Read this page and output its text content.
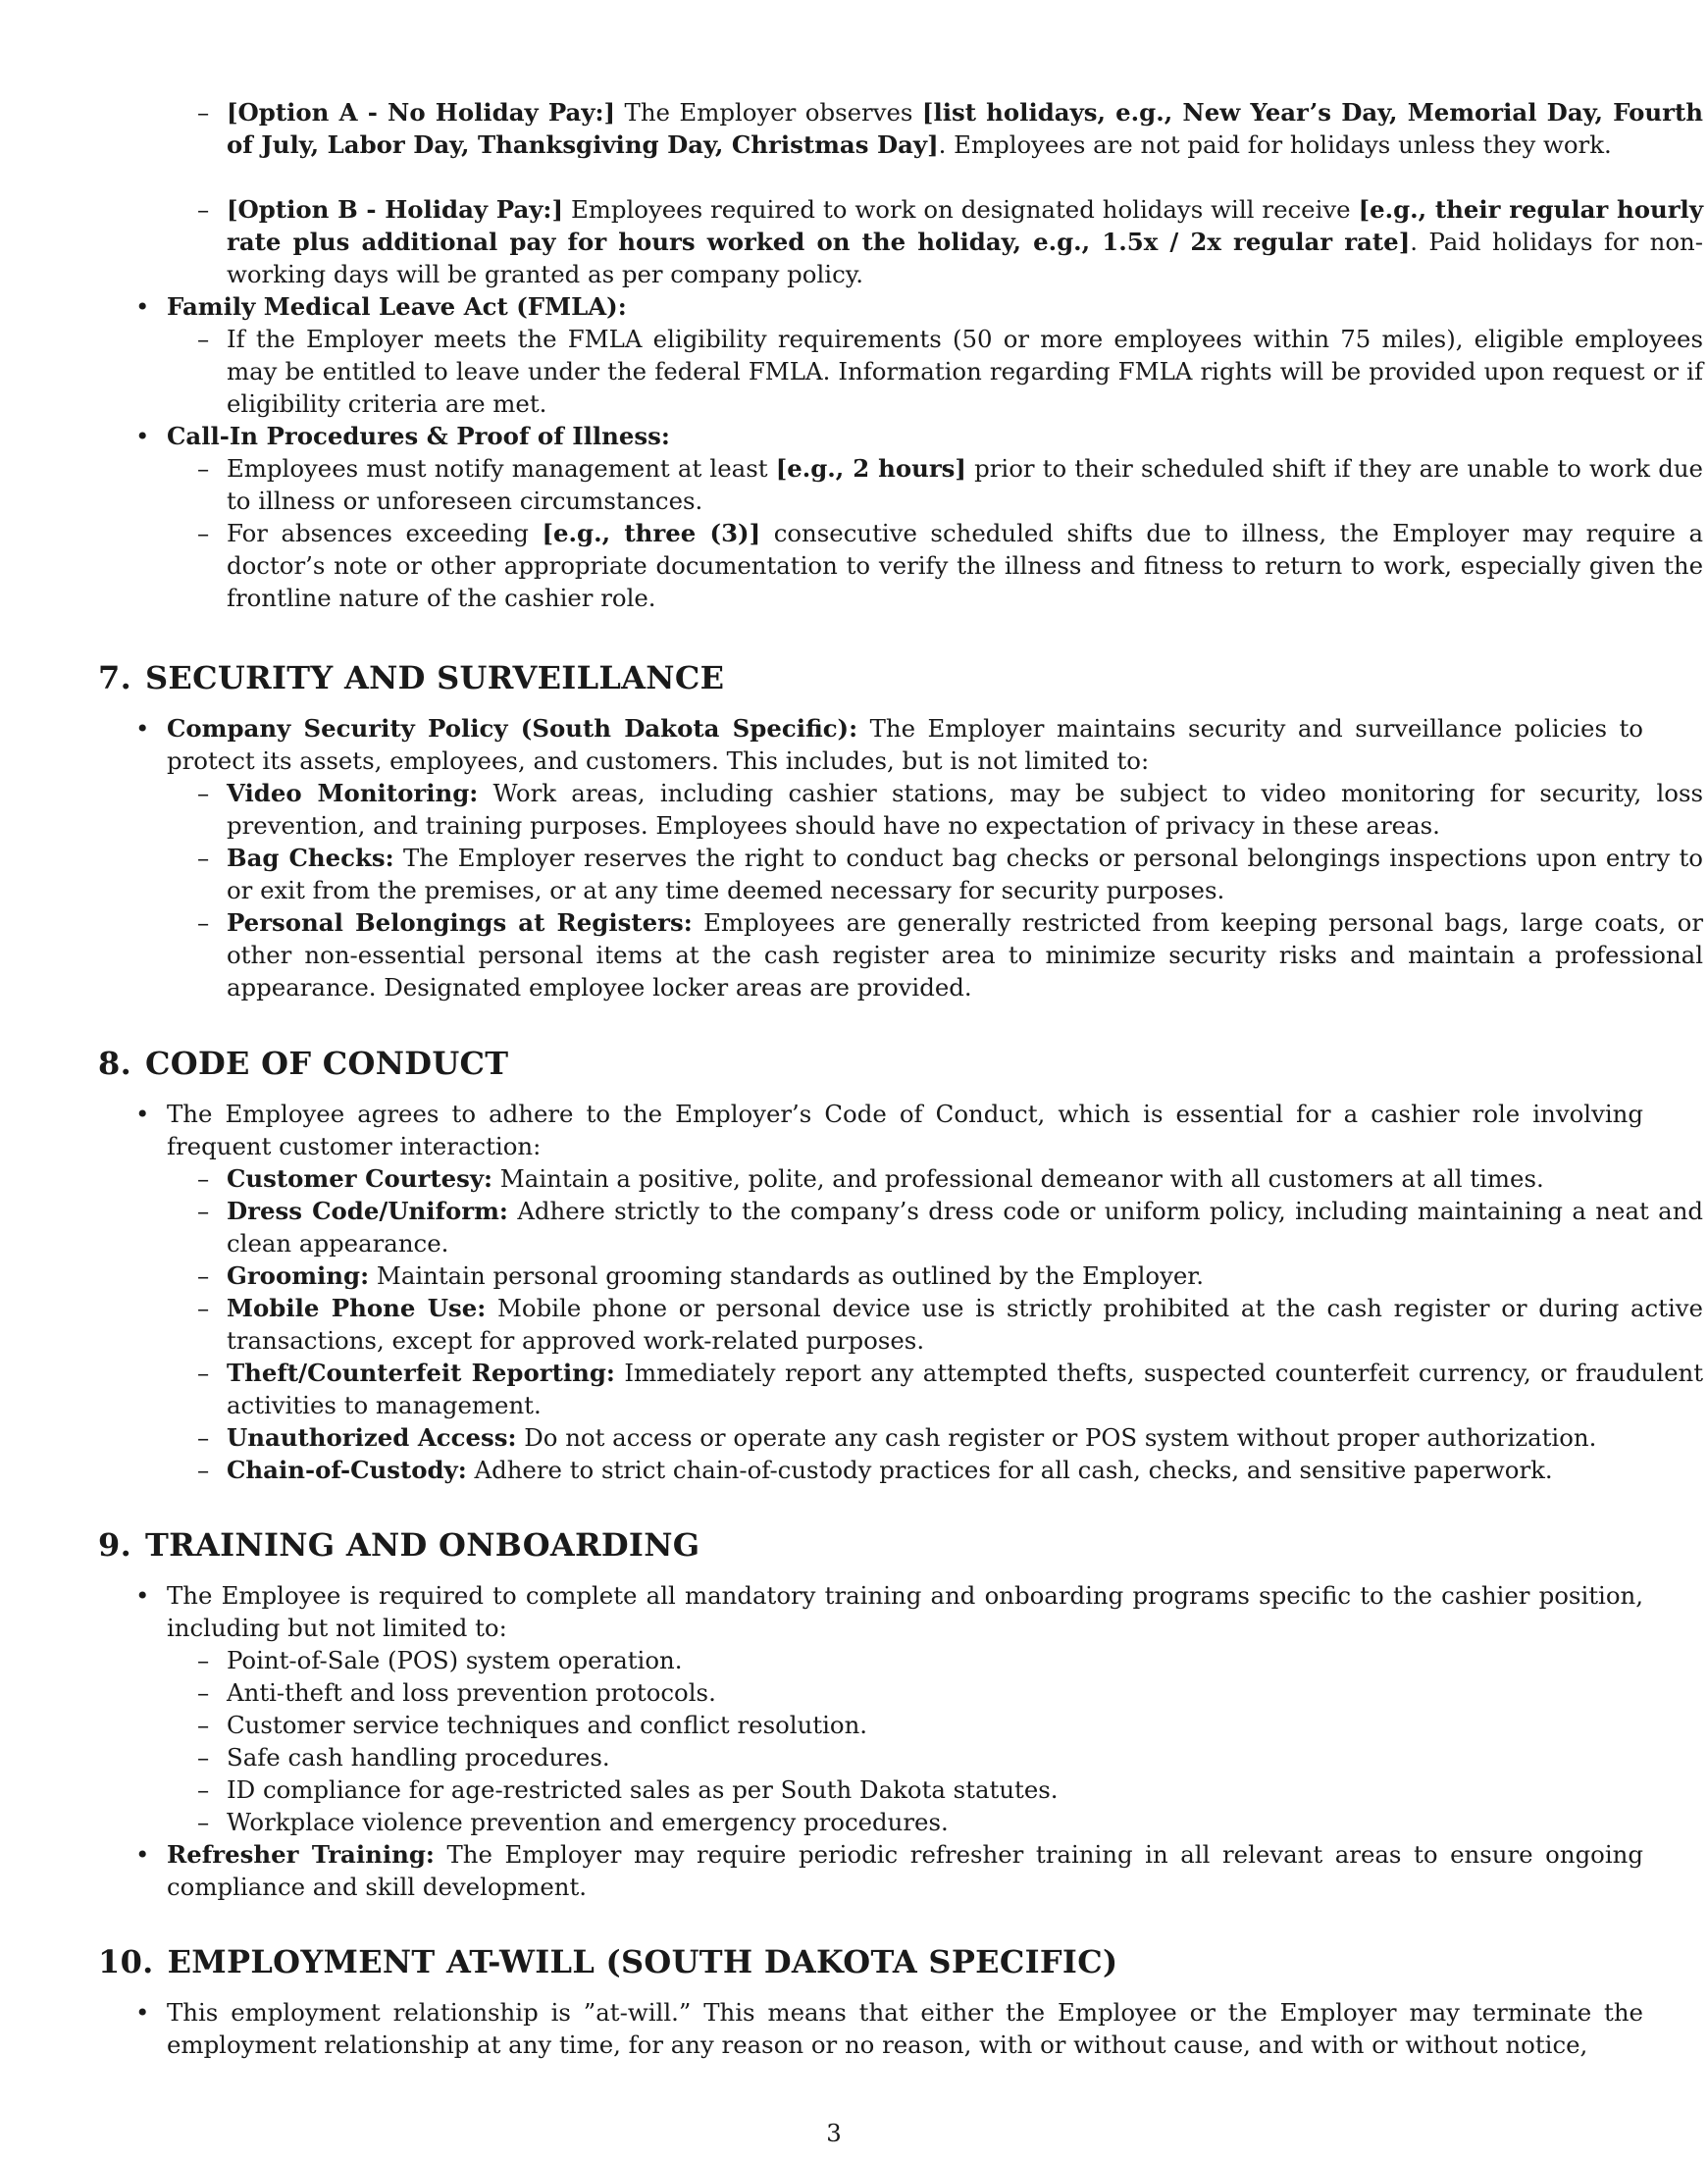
– [Option A - No Holiday Pay:] The Employer observes [list holidays, e.g., New Year’s Day, Memorial Day, Fourth of July, Labor Day, Thanksgiving Day, Christmas Day]. Employees are not paid for holidays unless they work.
– [Option B - Holiday Pay:] Employees required to work on designated holidays will receive [e.g., their regular hourly rate plus additional pay for hours worked on the holiday, e.g., 1.5x / 2x regular rate]. Paid holidays for non-working days will be granted as per company policy.
• Family Medical Leave Act (FMLA):
– If the Employer meets the FMLA eligibility requirements (50 or more employees within 75 miles), eligible employees may be entitled to leave under the federal FMLA. Information regarding FMLA rights will be provided upon request or if eligibility criteria are met.
• Call-In Procedures & Proof of Illness:
– Employees must notify management at least [e.g., 2 hours] prior to their scheduled shift if they are unable to work due to illness or unforeseen circumstances.
– For absences exceeding [e.g., three (3)] consecutive scheduled shifts due to illness, the Employer may require a doctor’s note or other appropriate documentation to verify the illness and fitness to return to work, especially given the frontline nature of the cashier role.
7. SECURITY AND SURVEILLANCE
• Company Security Policy (South Dakota Specific): The Employer maintains security and surveillance policies to protect its assets, employees, and customers. This includes, but is not limited to:
– Video Monitoring: Work areas, including cashier stations, may be subject to video monitoring for security, loss prevention, and training purposes. Employees should have no expectation of privacy in these areas.
– Bag Checks: The Employer reserves the right to conduct bag checks or personal belongings inspections upon entry to or exit from the premises, or at any time deemed necessary for security purposes.
– Personal Belongings at Registers: Employees are generally restricted from keeping personal bags, large coats, or other non-essential personal items at the cash register area to minimize security risks and maintain a professional appearance. Designated employee locker areas are provided.
8. CODE OF CONDUCT
• The Employee agrees to adhere to the Employer’s Code of Conduct, which is essential for a cashier role involving frequent customer interaction:
– Customer Courtesy: Maintain a positive, polite, and professional demeanor with all customers at all times.
– Dress Code/Uniform: Adhere strictly to the company’s dress code or uniform policy, including maintaining a neat and clean appearance.
– Grooming: Maintain personal grooming standards as outlined by the Employer.
– Mobile Phone Use: Mobile phone or personal device use is strictly prohibited at the cash register or during active transactions, except for approved work-related purposes.
– Theft/Counterfeit Reporting: Immediately report any attempted thefts, suspected counterfeit currency, or fraudulent activities to management.
– Unauthorized Access: Do not access or operate any cash register or POS system without proper authorization.
– Chain-of-Custody: Adhere to strict chain-of-custody practices for all cash, checks, and sensitive paperwork.
9. TRAINING AND ONBOARDING
• The Employee is required to complete all mandatory training and onboarding programs specific to the cashier position, including but not limited to:
– Point-of-Sale (POS) system operation.
– Anti-theft and loss prevention protocols.
– Customer service techniques and conflict resolution.
– Safe cash handling procedures.
– ID compliance for age-restricted sales as per South Dakota statutes.
– Workplace violence prevention and emergency procedures.
• Refresher Training: The Employer may require periodic refresher training in all relevant areas to ensure ongoing compliance and skill development.
10. EMPLOYMENT AT-WILL (SOUTH DAKOTA SPECIFIC)
• This employment relationship is ”at-will.” This means that either the Employee or the Employer may terminate the employment relationship at any time, for any reason or no reason, with or without cause, and with or without notice,
3
